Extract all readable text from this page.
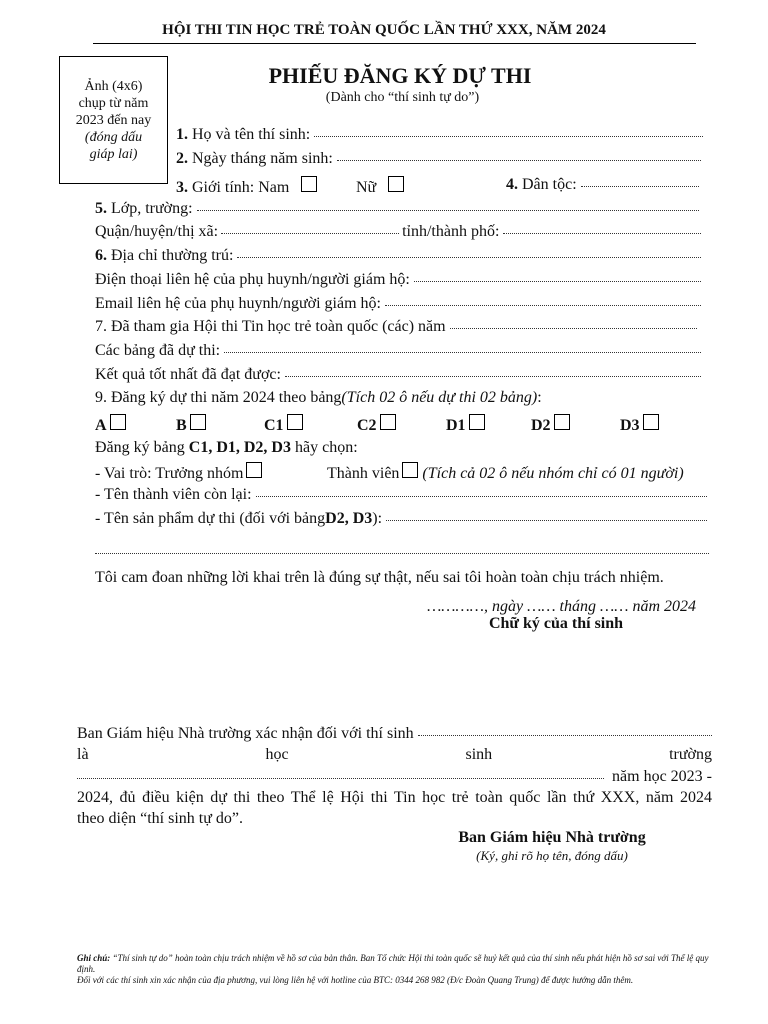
HỘI THI TIN HỌC TRẺ TOÀN QUỐC LẦN THỨ XXX, NĂM 2024
Ảnh (4x6)
chụp từ năm
2023 đến nay
(đóng dấu
giáp lai)
PHIẾU ĐĂNG KÝ DỰ THI
(Dành cho “thí sinh tự do”)
1.
Họ và tên thí sinh:
2.
Ngày tháng năm sinh:
3.
Giới tính: Nam	Nữ	4.
Dân tộc:
5.
Lớp, trường:
Quận/huyện/thị xã:	tỉnh/thành phố:
6.
Địa chỉ thường trú:
Điện thoại liên hệ của phụ huynh/người giám hộ:
Email liên hệ của phụ huynh/người giám hộ:
7. Đã tham gia Hội thi Tin học trẻ toàn quốc (các) năm
Các bảng đã dự thi:
Kết quả tốt nhất đã đạt được:
9. Đăng ký dự thi năm 2024 theo bảng (Tích 02 ô nếu dự thi 02 bảng) :
A	B	C1	C2	D1	D2	D3
Đăng ký bảng C1, D1, D2, D3 hãy chọn:
- Vai trò: Trưởng nhóm	Thành viên (Tích cả 02 ô nếu nhóm chỉ có 01 người)
- Tên thành viên còn lại:
- Tên sản phẩm dự thi (đối với bảng D2, D3 ):
Tôi cam đoan những lời khai trên là đúng sự thật, nếu sai tôi hoàn toàn chịu trách nhiệm.
…………, ngày …… tháng …… năm 2024
Chữ ký của thí sinh
Ban Giám hiệu Nhà trường xác nhận đối với thí sinh
là	học	sinh	trường
năm học 2023 -
2024, đủ điều kiện dự thi theo Thể lệ Hội thi Tin học trẻ toàn quốc lần thứ XXX, năm 2024
theo diện “thí sinh tự do”.
Ban Giám hiệu Nhà trường
(Ký, ghi rõ họ tên, đóng dấu)
Ghi chú: “Thí sinh tự do” hoàn toàn chịu trách nhiệm về hồ sơ của bản thân. Ban Tổ chức Hội thi toàn quốc sẽ huỷ kết quả của thí sinh nếu phát hiện hồ sơ sai với Thể lệ quy định.
Đối với các thí sinh xin xác nhận của địa phương, vui lòng liên hệ với hotline của BTC: 0344 268 982 (Đ/c Đoàn Quang Trung) để được hướng dẫn thêm.
